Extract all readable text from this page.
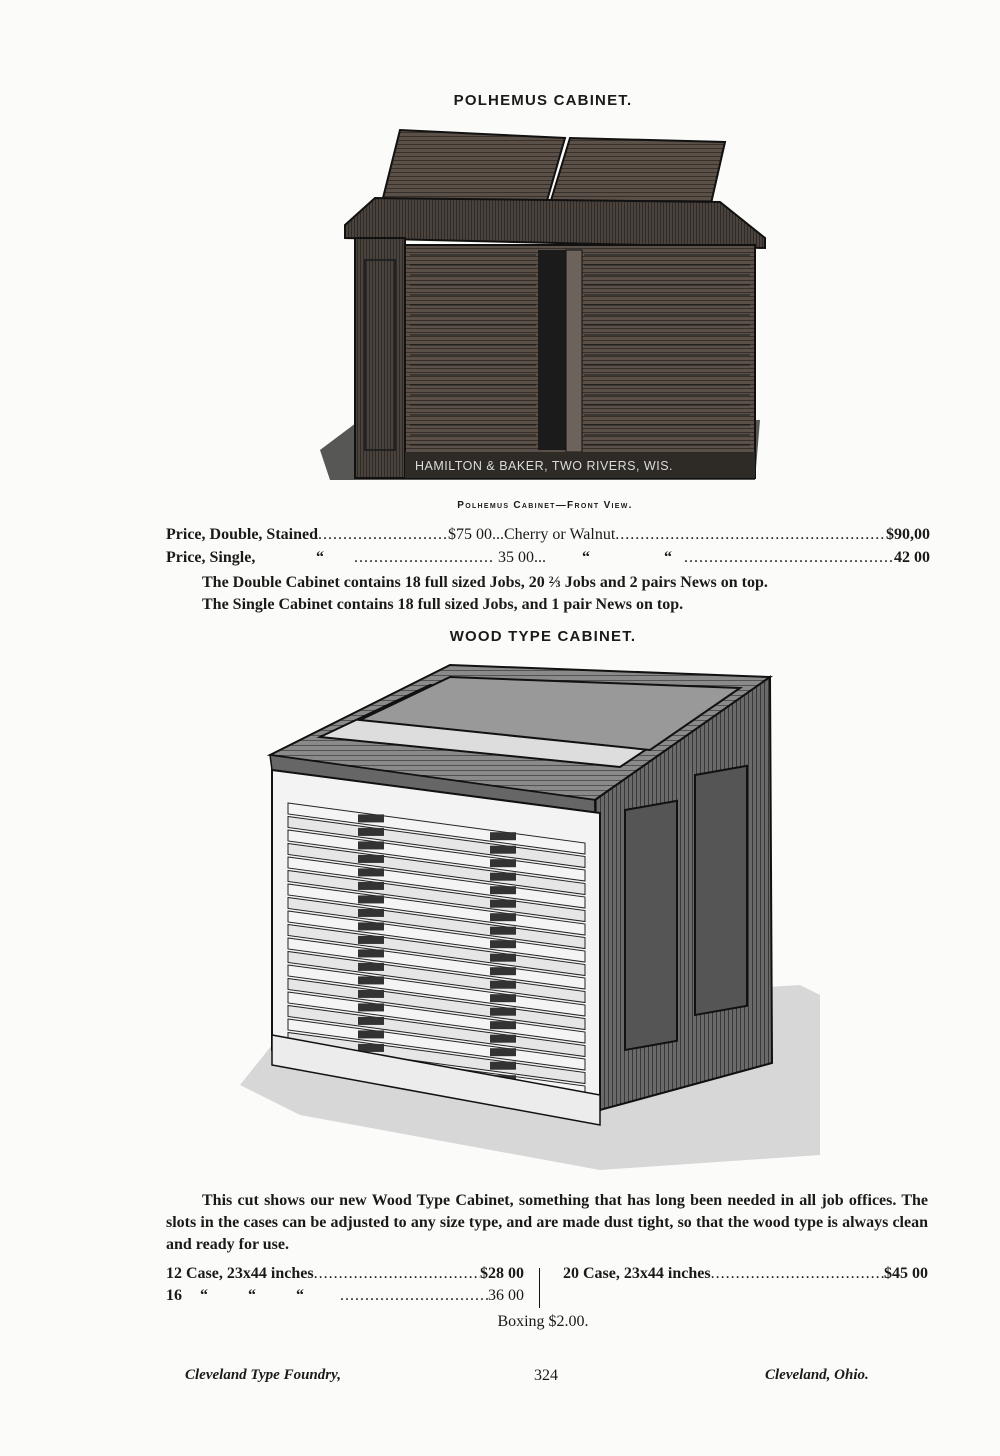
POLHEMUS CABINET.
HAMILTON & BAKER, TWO RIVERS, WIS.
Polhemus Cabinet—Front View.
Price, Double, Stained .....	$75 00 ... Cherry or Walnut .....	$90,00
Price, Single,	“ .....	35 00 ...	“	“ .....	42 00
The Double Cabinet contains 18 full sized Jobs, 20 ⅔ Jobs and 2 pairs News on top.
The Single Cabinet contains 18 full sized Jobs, and 1 pair News on top.
WOOD TYPE CABINET.
This cut shows our new Wood Type Cabinet, something that has long been needed in all job offices. The slots in the cases can be adjusted to any size type, and are made dust tight, so that the wood type is always clean and ready for use.
12 Case, 23x44 inches .....	$28 00
16	“          “          “ .....	36 00
20 Case, 23x44 inches .....	$45 00
Boxing $2.00.
Cleveland Type Foundry,	324	Cleveland, Ohio.
